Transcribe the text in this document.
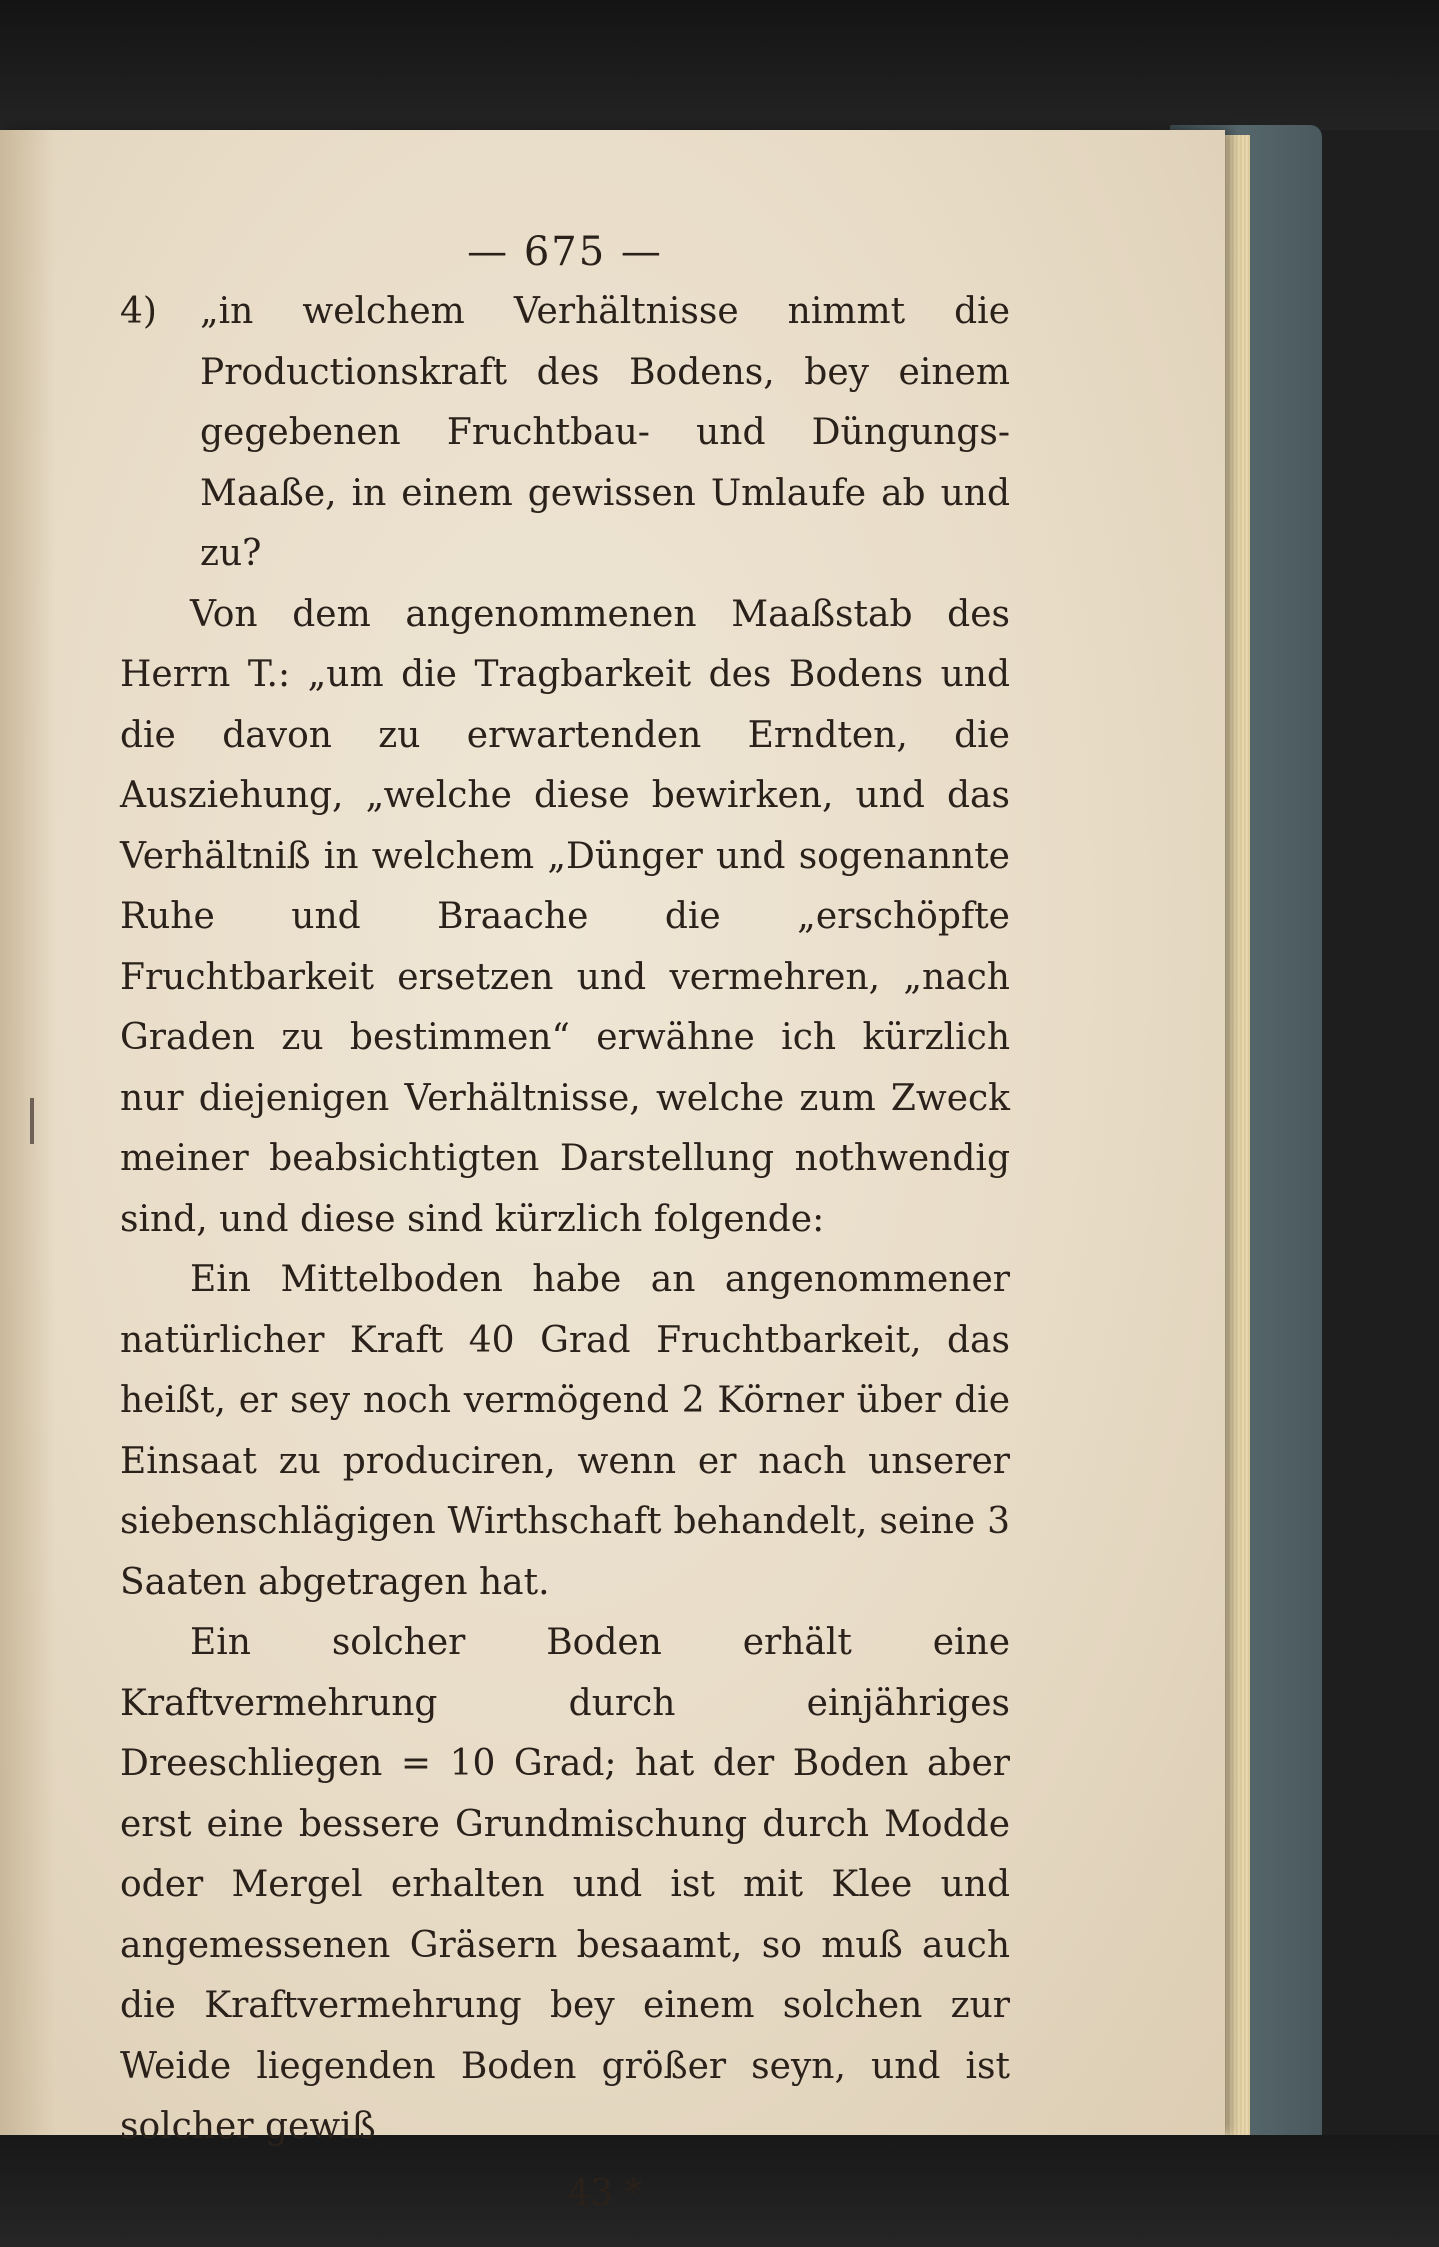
— 675 —

4) „in welchem Verhältnisse nimmt die Productionskraft des Bodens, bey einem gegebenen Fruchtbau- und Düngungs-Maaße, in einem gewissen Umlaufe ab und zu?

Von dem angenommenen Maaßstab des Herrn T.: „um die Tragbarkeit des Bodens und die davon zu erwartenden Erndten, die Ausziehung, „welche diese bewirken, und das Verhältniß in welchem „Dünger und sogenannte Ruhe und Braache die „erschöpfte Fruchtbarkeit ersetzen und vermehren, „nach Graden zu bestimmen“ erwähne ich kürzlich nur diejenigen Verhältnisse, welche zum Zweck meiner beabsichtigten Darstellung nothwendig sind, und diese sind kürzlich folgende:

Ein Mittelboden habe an angenommener natürlicher Kraft 40 Grad Fruchtbarkeit, das heißt, er sey noch vermögend 2 Körner über die Einsaat zu produciren, wenn er nach unserer siebenschlägigen Wirthschaft behandelt, seine 3 Saaten abgetragen hat.

Ein solcher Boden erhält eine Kraftvermehrung durch einjähriges Dreeschliegen = 10 Grad; hat der Boden aber erst eine bessere Grundmischung durch Modde oder Mergel erhalten und ist mit Klee und angemessenen Gräsern besaamt, so muß auch die Kraftvermehrung bey einem solchen zur Weide liegenden Boden größer seyn, und ist solcher gewiß

43 *
